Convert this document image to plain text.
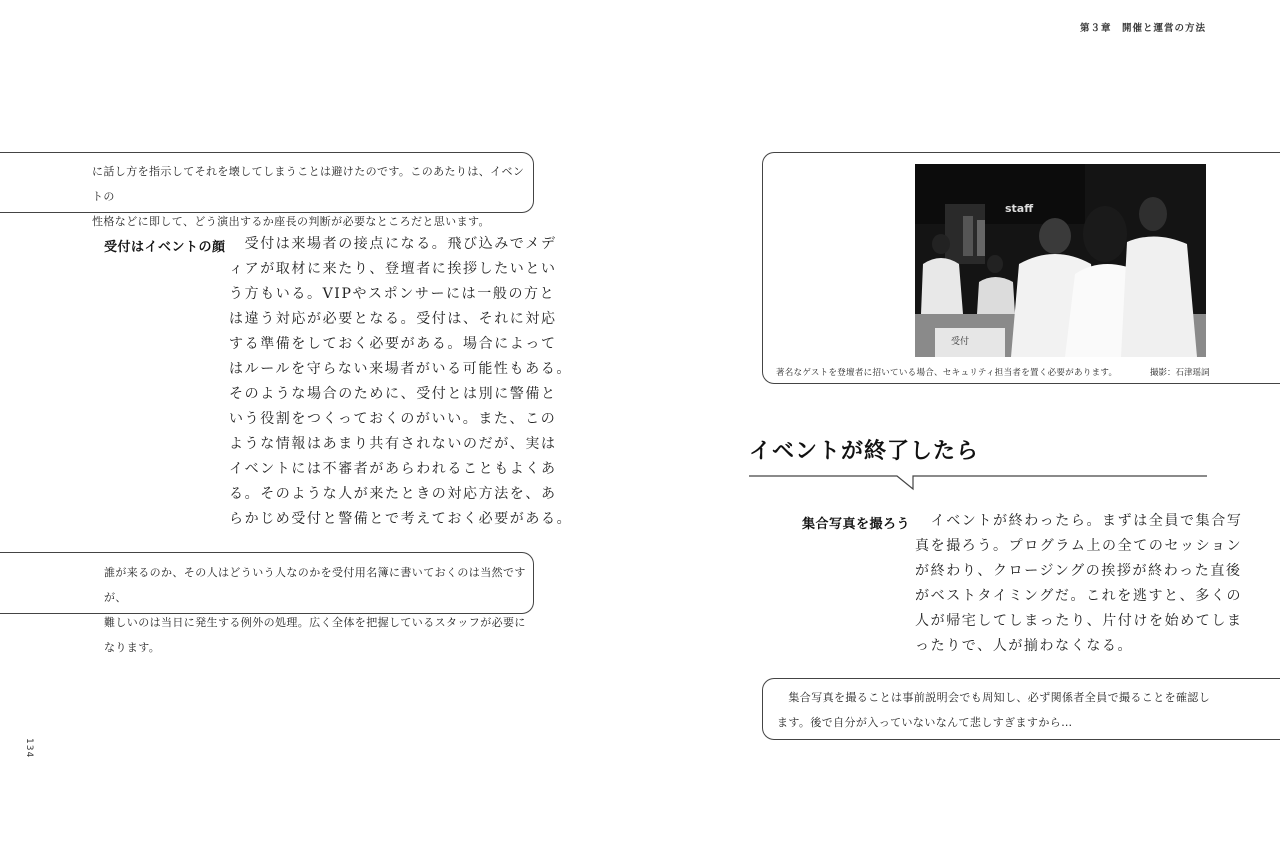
第３章　開催と運営の方法

に話し方を指示してそれを壊してしまうことは避けたのです。このあたりは、イベントの

性格などに即して、どう演出するか座長の判断が必要なところだと思います。

受付はイベントの顔 　受付は来場者の接点になる。飛び込みでメデ

ィアが取材に来たり、登壇者に挨拶したいとい

う方もいる。VIPやスポンサーには一般の方と

は違う対応が必要となる。受付は、それに対応

する準備をしておく必要がある。場合によって

はルールを守らない来場者がいる可能性もある。

そのような場合のために、受付とは別に警備と

いう役割をつくっておくのがいい。また、この

ような情報はあまり共有されないのだが、実は

イベントには不審者があらわれることもよくあ

る。そのような人が来たときの対応方法を、あ

らかじめ受付と警備とで考えておく必要がある。

誰が来るのか、その人はどういう人なのかを受付用名簿に書いておくのは当然ですが、

難しいのは当日に発生する例外の処理。広く全体を把握しているスタッフが必要になります。

134
staff
受付
著名なゲストを登壇者に招いている場合、セキュリティ担当者を置く必要があります。	撮影：石津瑶詞
イベントが終了したら
集合写真を撮ろう 　イベントが終わったら。まずは全員で集合写

真を撮ろう。プログラム上の全てのセッション

が終わり、クロージングの挨拶が終わった直後

がベストタイミングだ。これを逃すと、多くの

人が帰宅してしまったり、片付けを始めてしま

ったりで、人が揃わなくなる。

　集合写真を撮ることは事前説明会でも周知し、必ず関係者全員で撮ることを確認し

ます。後で自分が入っていないなんて悲しすぎますから…
